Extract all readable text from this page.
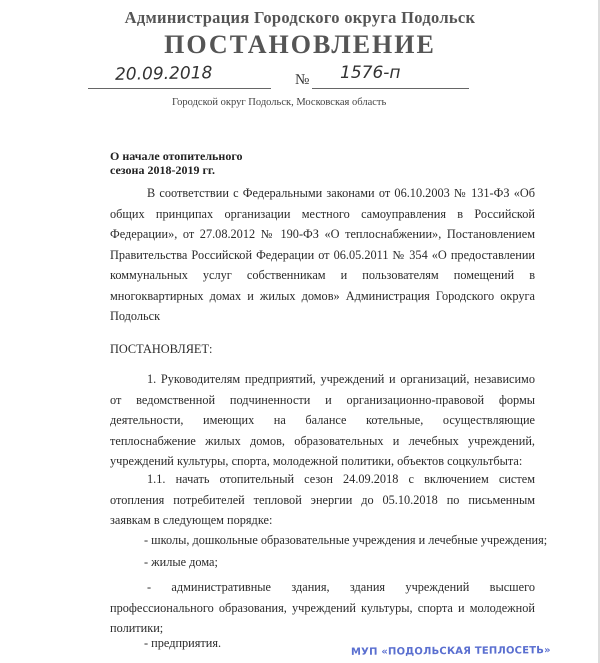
Администрация Городского округа Подольск
ПОСТАНОВЛЕНИЕ
20.09.2018	№ 1576-п
Городской округ Подольск, Московская область
О начале отопительного
сезона 2018-2019 гг.
В соответствии с Федеральными законами от 06.10.2003 № 131-ФЗ «Об общих принципах организации местного самоуправления в Российской Федерации», от 27.08.2012 № 190-ФЗ «О теплоснабжении», Постановлением Правительства Российской Федерации от 06.05.2011 № 354 «О предоставлении коммунальных услуг собственникам и пользователям помещений в многоквартирных домах и жилых домов» Администрация Городского округа Подольск
ПОСТАНОВЛЯЕТ:
1. Руководителям предприятий, учреждений и организаций, независимо от ведомственной подчиненности и организационно-правовой формы деятельности, имеющих на балансе котельные, осуществляющие теплоснабжение жилых домов, образовательных и лечебных учреждений, учреждений культуры, спорта, молодежной политики, объектов соцкультбыта:
1.1. начать отопительный сезон 24.09.2018 с включением систем отопления потребителей тепловой энергии до 05.10.2018 по письменным заявкам в следующем порядке:
- школы, дошкольные образовательные учреждения и лечебные учреждения;
- жилые дома;
- административные здания, здания учреждений высшего профессионального образования, учреждений культуры, спорта и молодежной политики;
- предприятия.
МУП «ПОДОЛЬСКАЯ ТЕПЛОСЕТЬ»
